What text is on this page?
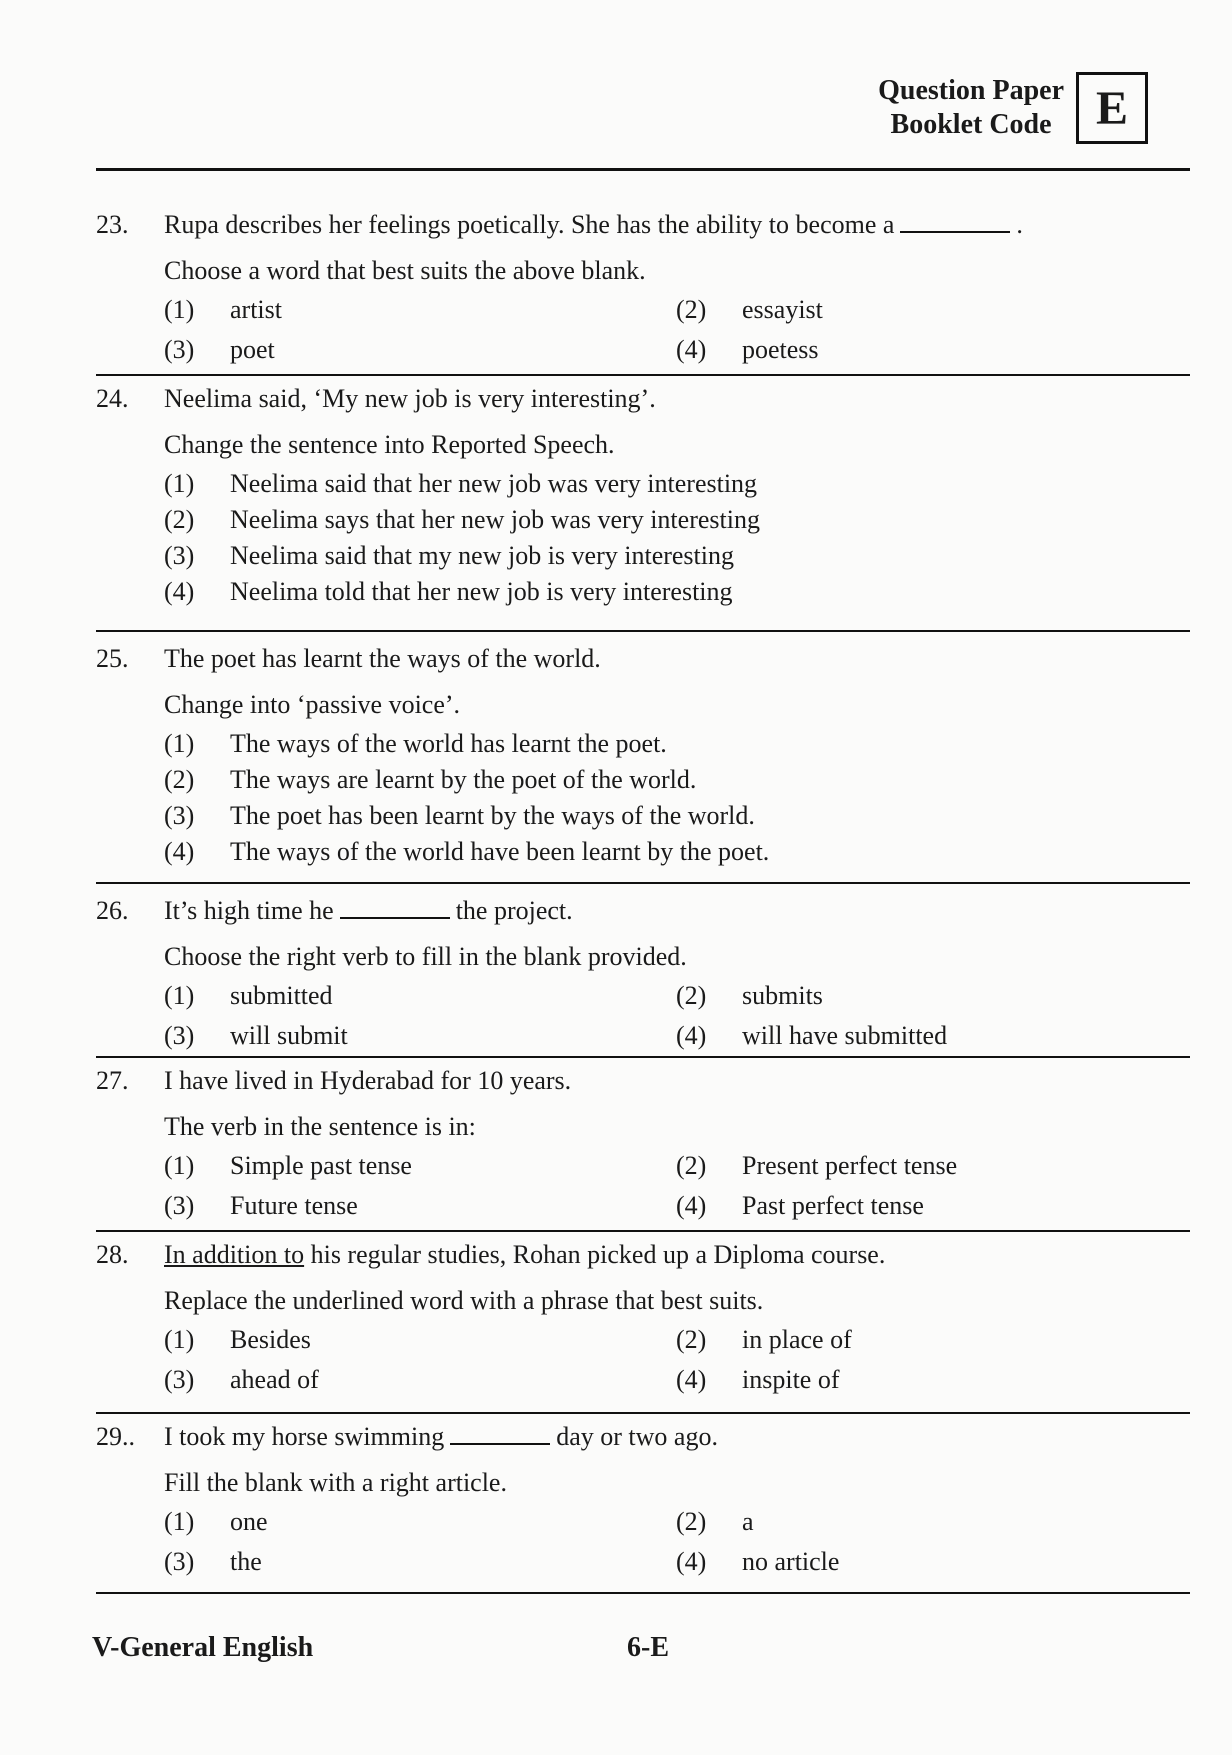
Question Paper
Booklet Code E
23.	Rupa describes her feelings poetically. She has the ability to become a	.
Choose a word that best suits the above blank.
(1)	artist	(2)	essayist
(3)	poet	(4)	poetess
24.	Neelima said, ‘My new job is very interesting’.
Change the sentence into Reported Speech.
(1)	Neelima said that her new job was very interesting
(2)	Neelima says that her new job was very interesting
(3)	Neelima said that my new job is very interesting
(4)	Neelima told that her new job is very interesting
25.	The poet has learnt the ways of the world.
Change into ‘passive voice’.
(1)	The ways of the world has learnt the poet.
(2)	The ways are learnt by the poet of the world.
(3)	The poet has been learnt by the ways of the world.
(4)	The ways of the world have been learnt by the poet.
26.	It’s high time he	the project.
Choose the right verb to fill in the blank provided.
(1)	submitted	(2)	submits
(3)	will submit	(4)	will have submitted
27.	I have lived in Hyderabad for 10 years.
The verb in the sentence is in:
(1)	Simple past tense	(2)	Present perfect tense
(3)	Future tense	(4)	Past perfect tense
28.	In addition to his regular studies, Rohan picked up a Diploma course.
Replace the underlined word with a phrase that best suits.
(1)	Besides	(2)	in place of
(3)	ahead of	(4)	inspite of
29..	I took my horse swimming	day or two ago.
Fill the blank with a right article.
(1)	one	(2)	a
(3)	the	(4)	no article
V-General English	6-E
